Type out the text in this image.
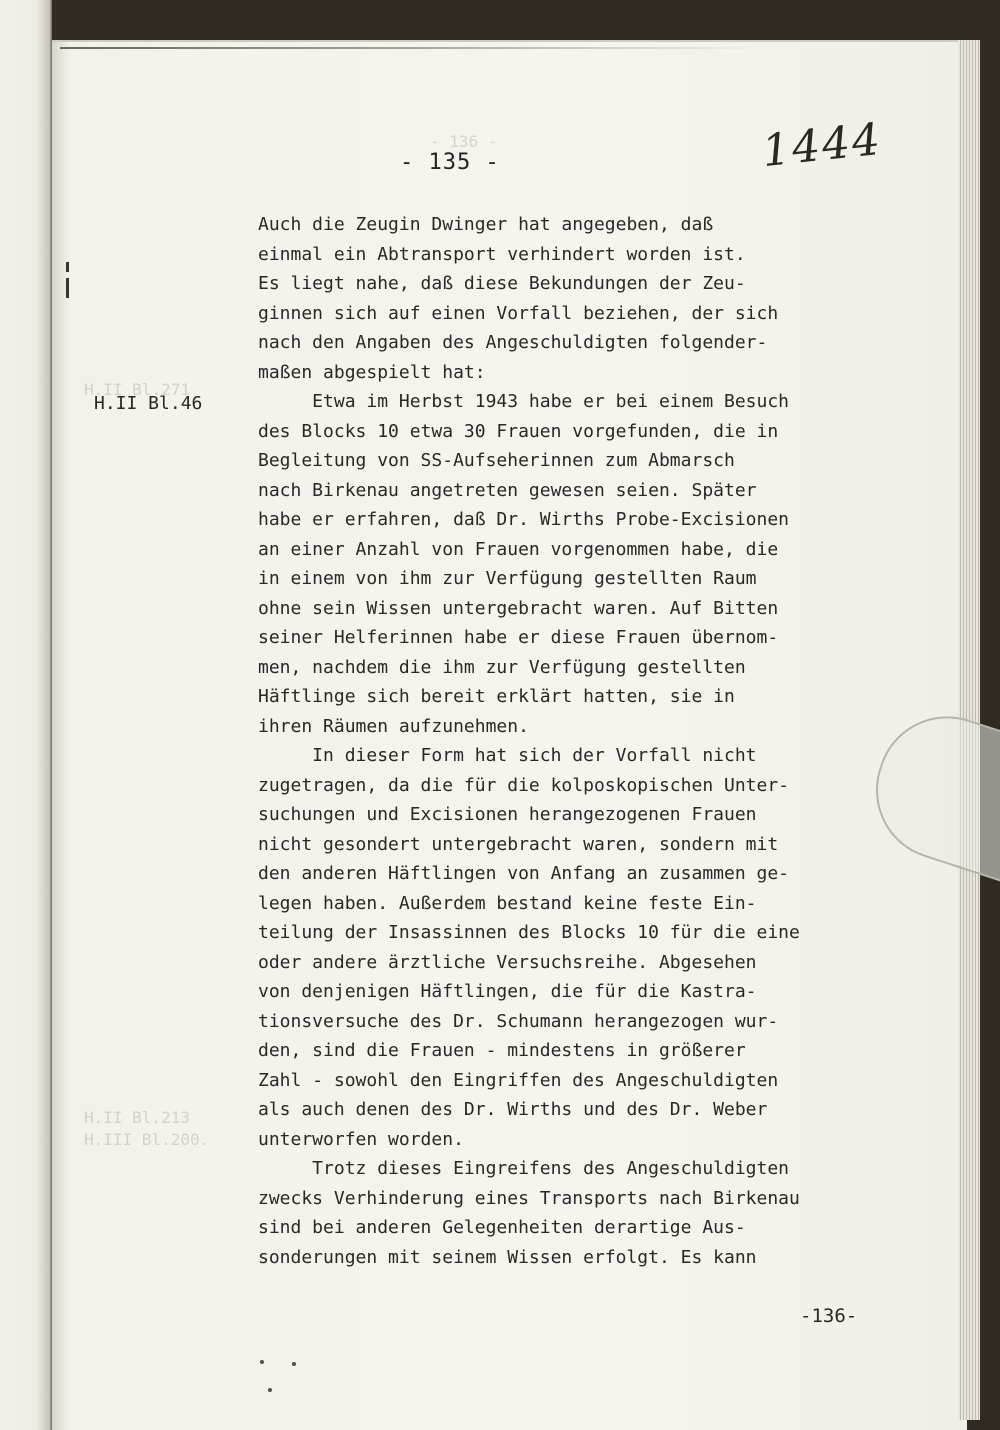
- 136 -
H.II Bl.271
H.II Bl.213
H.III Bl.200.
- 135 -	1444
H.II Bl.46
Auch die Zeugin Dwinger hat angegeben, daß
einmal ein Abtransport verhindert worden ist.
Es liegt nahe, daß diese Bekundungen der Zeu-
ginnen sich auf einen Vorfall beziehen, der sich
nach den Angaben des Angeschuldigten folgender-
maßen abgespielt hat:
Etwa im Herbst 1943 habe er bei einem Besuch
des Blocks 10 etwa 30 Frauen vorgefunden, die in
Begleitung von SS-Aufseherinnen zum Abmarsch
nach Birkenau angetreten gewesen seien. Später
habe er erfahren, daß Dr. Wirths Probe-Excisionen
an einer Anzahl von Frauen vorgenommen habe, die
in einem von ihm zur Verfügung gestellten Raum
ohne sein Wissen untergebracht waren. Auf Bitten
seiner Helferinnen habe er diese Frauen übernom-
men, nachdem die ihm zur Verfügung gestellten
Häftlinge sich bereit erklärt hatten, sie in
ihren Räumen aufzunehmen.
In dieser Form hat sich der Vorfall nicht
zugetragen, da die für die kolposkopischen Unter-
suchungen und Excisionen herangezogenen Frauen
nicht gesondert untergebracht waren, sondern mit
den anderen Häftlingen von Anfang an zusammen ge-
legen haben. Außerdem bestand keine feste Ein-
teilung der Insassinnen des Blocks 10 für die eine
oder andere ärztliche Versuchsreihe. Abgesehen
von denjenigen Häftlingen, die für die Kastra-
tionsversuche des Dr. Schumann herangezogen wur-
den, sind die Frauen - mindestens in größerer
Zahl - sowohl den Eingriffen des Angeschuldigten
als auch denen des Dr. Wirths und des Dr. Weber
unterworfen worden.
Trotz dieses Eingreifens des Angeschuldigten
zwecks Verhinderung eines Transports nach Birkenau
sind bei anderen Gelegenheiten derartige Aus-
sonderungen mit seinem Wissen erfolgt. Es kann
-136-
